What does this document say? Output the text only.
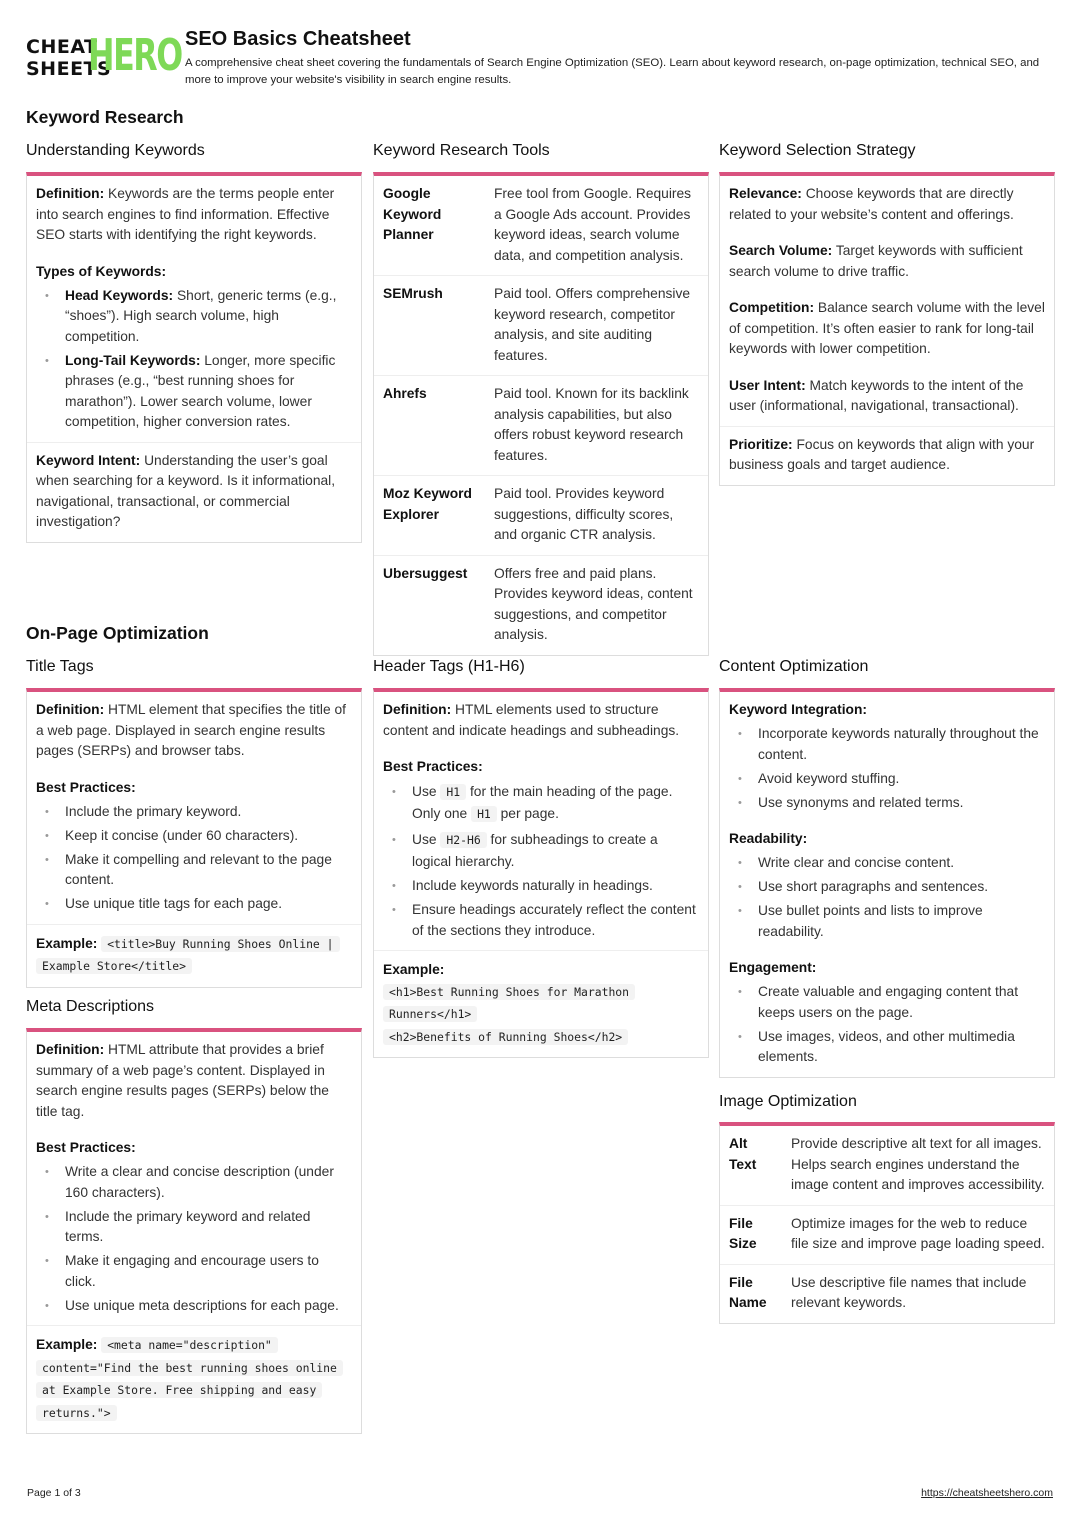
CHEAT
SHEETS
HERO SEO Basics Cheatsheet
A comprehensive cheat sheet covering the fundamentals of Search Engine Optimization (SEO). Learn about keyword research, on-page optimization, technical SEO, and more to improve your website's visibility in search engine results.
Keyword Research
Understanding Keywords

Definition: Keywords are the terms people enter into search engines to find information. Effective SEO starts with identifying the right keywords.

Types of Keywords:
• Head Keywords: Short, generic terms (e.g., “shoes”). High search volume, high competition.
• Long-Tail Keywords: Longer, more specific phrases (e.g., “best running shoes for marathon”). Lower search volume, lower competition, higher conversion rates.
Keyword Intent: Understanding the user’s goal when searching for a keyword. Is it informational, navigational, transactional, or commercial investigation?
Keyword Research Tools
Google Keyword Planner	Free tool from Google. Requires a Google Ads account. Provides keyword ideas, search volume data, and competition analysis.
SEMrush	Paid tool. Offers comprehensive keyword research, competitor analysis, and site auditing features.
Ahrefs	Paid tool. Known for its backlink analysis capabilities, but also offers robust keyword research features.
Moz Keyword Explorer	Paid tool. Provides keyword suggestions, difficulty scores, and organic CTR analysis.
Ubersuggest	Offers free and paid plans. Provides keyword ideas, content suggestions, and competitor analysis.
Keyword Selection Strategy

Relevance: Choose keywords that are directly related to your website’s content and offerings.

Search Volume: Target keywords with sufficient search volume to drive traffic.

Competition: Balance search volume with the level of competition. It’s often easier to rank for long-tail keywords with lower competition.

User Intent: Match keywords to the intent of the user (informational, navigational, transactional).

Prioritize: Focus on keywords that align with your business goals and target audience.
On-Page Optimization
Title Tags

Definition: HTML element that specifies the title of a web page. Displayed in search engine results pages (SERPs) and browser tabs.

Best Practices:
• Include the primary keyword.
• Keep it concise (under 60 characters).
• Make it compelling and relevant to the page content.
• Use unique title tags for each page.
Example: <title>Buy Running Shoes Online | Example Store</title>
Meta Descriptions

Definition: HTML attribute that provides a brief summary of a web page’s content. Displayed in search engine results pages (SERPs) below the title tag.

Best Practices:
• Write a clear and concise description (under 160 characters).
• Include the primary keyword and related terms.
• Make it engaging and encourage users to click.
• Use unique meta descriptions for each page.
Example: <meta name="description" content="Find the best running shoes online at Example Store. Free shipping and easy returns.">
Header Tags (H1-H6)

Definition: HTML elements used to structure content and indicate headings and subheadings.

Best Practices:
• Use H1 for the main heading of the page. Only one H1 per page.
• Use H2-H6 for subheadings to create a logical hierarchy.
• Include keywords naturally in headings.
• Ensure headings accurately reflect the content of the sections they introduce.
Example:
<h1>Best Running Shoes for Marathon Runners</h1>
<h2>Benefits of Running Shoes</h2>
Content Optimization
Keyword Integration:
• Incorporate keywords naturally throughout the content.
• Avoid keyword stuffing.
• Use synonyms and related terms.
Readability:
• Write clear and concise content.
• Use short paragraphs and sentences.
• Use bullet points and lists to improve readability.
Engagement:
• Create valuable and engaging content that keeps users on the page.
• Use images, videos, and other multimedia elements.
Image Optimization
Alt Text	Provide descriptive alt text for all images. Helps search engines understand the image content and improves accessibility.
File Size	Optimize images for the web to reduce file size and improve page loading speed.
File Name	Use descriptive file names that include relevant keywords.
Page 1 of 3	https://cheatsheetshero.com
